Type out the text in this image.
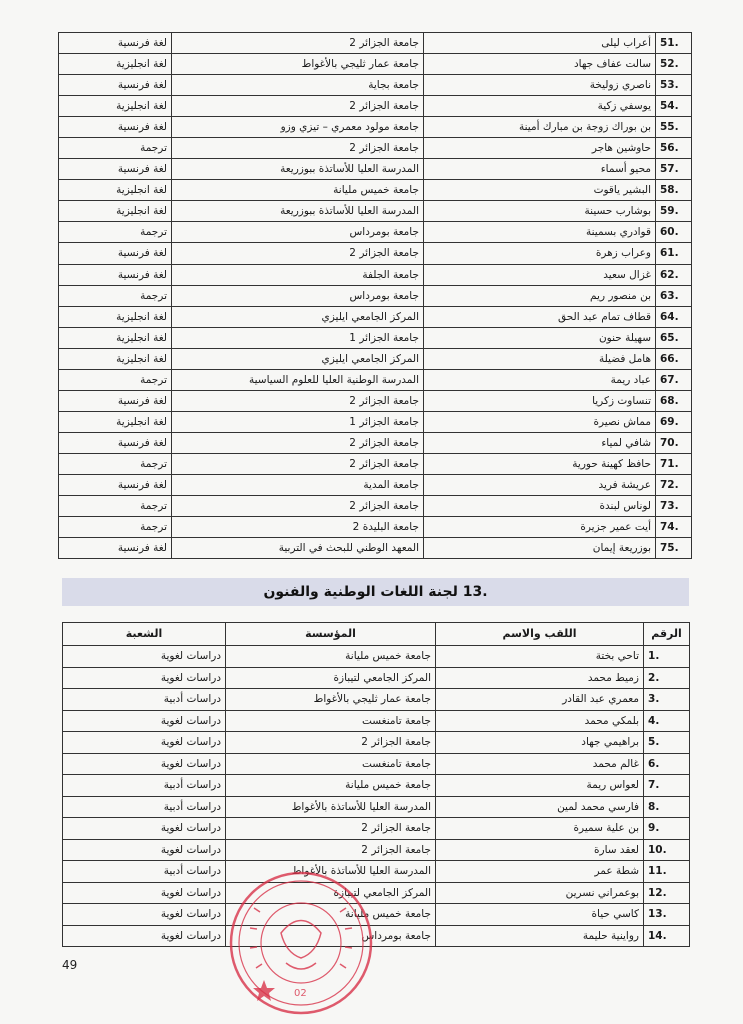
.51	أعراب ليلى	جامعة الجزائر 2	لغة فرنسية
.52	سالت عفاف جهاد	جامعة عمار ثليجي بالأغواط	لغة انجليزية
.53	ناصري زوليخة	جامعة بجاية	لغة فرنسية
.54	يوسفي زكية	جامعة الجزائر 2	لغة انجليزية
.55	بن بوراك زوجة بن مبارك أمينة	جامعة مولود معمري – تيزي وزو	لغة فرنسية
.56	حاوشين هاجر	جامعة الجزائر 2	ترجمة
.57	محيو أسماء	المدرسة العليا للأساتذة ببوزريعة	لغة فرنسية
.58	البشير ياقوت	جامعة خميس مليانة	لغة انجليزية
.59	بوشارب حسينة	المدرسة العليا للأساتذة ببوزريعة	لغة انجليزية
.60	قوادري بسمينة	جامعة بومرداس	ترجمة
.61	وعراب زهرة	جامعة الجزائر 2	لغة فرنسية
.62	غزال سعيد	جامعة الجلفة	لغة فرنسية
.63	بن منصور ريم	جامعة بومرداس	ترجمة
.64	قطاف تمام عبد الحق	المركز الجامعي ايليزي	لغة انجليزية
.65	سهيلة حنون	جامعة الجزائر 1	لغة انجليزية
.66	هامل فضيلة	المركز الجامعي ايليزي	لغة انجليزية
.67	عباد ريمة	المدرسة الوطنية العليا للعلوم السياسية	ترجمة
.68	تنساوت زكريا	جامعة الجزائر 2	لغة فرنسية
.69	مماش نصيرة	جامعة الجزائر 1	لغة انجليزية
.70	شافي لمياء	جامعة الجزائر 2	لغة فرنسية
.71	حافظ كهينة حورية	جامعة الجزائر 2	ترجمة
.72	عريشة فريد	جامعة المدية	لغة فرنسية
.73	لوناس لبندة	جامعة الجزائر 2	ترجمة
.74	أيت عمير جزيرة	جامعة البليدة 2	ترجمة
.75	بوزريعة إيمان	المعهد الوطني للبحث في التربية	لغة فرنسية
.13 لجنة اللغات الوطنية والفنون
الرقم	اللقب والاسم	المؤسسة	الشعبة
.1	تاحي بختة	جامعة خميس مليانة	دراسات لغوية
.2	زميط محمد	المركز الجامعي لتيبازة	دراسات لغوية
.3	معمري عبد القادر	جامعة عمار ثليجي بالأغواط	دراسات أدبية
.4	بلمكي محمد	جامعة تامنغست	دراسات لغوية
.5	براهيمي جهاد	جامعة الجزائر 2	دراسات لغوية
.6	غالم محمد	جامعة تامنغست	دراسات لغوية
.7	لعواس ريمة	جامعة خميس مليانة	دراسات أدبية
.8	فارسي محمد لمين	المدرسة العليا للأساتذة بالأغواط	دراسات أدبية
.9	بن علية سميرة	جامعة الجزائر 2	دراسات لغوية
.10	لعقد سارة	جامعة الجزائر 2	دراسات لغوية
.11	شطة عمر	المدرسة العليا للأساتذة بالأغواط	دراسات أدبية
.12	بوعمراني نسرين	المركز الجامعي لتيبازة	دراسات لغوية
.13	كاسي حياة	جامعة خميس مليانة	دراسات لغوية
.14	رواينية حليمة	جامعة بومرداس	دراسات لغوية
02
49
